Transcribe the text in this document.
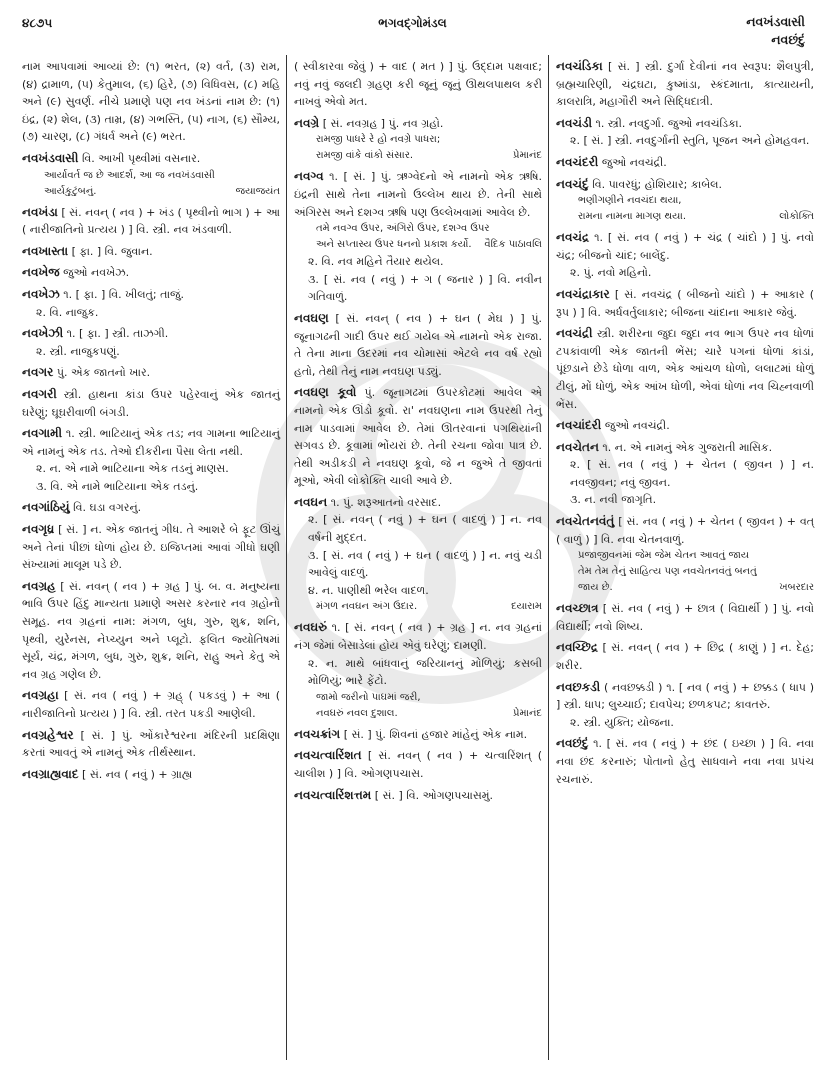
૪૮૭૫	ભગવદ્ગોમંડલ	નવખંડવાસી
નવછંદું
નામ આપવામાં આવ્યાં છે: (૧) ભરત, (૨) વર્ત, (૩) રામ, (૪) દ્રામાળ, (૫) કેતુમાલ, (૬) હિરે, (૭) વિધિવસ, (૮) મહિ અને (૯) સુવર્ણ. નીચે પ્રમાણે પણ નવ ખંડનાં નામ છે: (૧) ઇંદ્ર, (૨) શેલ, (૩) તામ્ર, (૪) ગભસ્તિ, (૫) નાગ, (૬) સૌમ્ય, (૭) ચારણ, (૮) ગંધર્વ અને (૯) ભરત.
નવખંડવાસી વિ. આખી પૃથ્વીમાં વસનાર.
આર્યાવર્ત જ છે આદર્શ, આ જ નવખંડવાસી
આર્યકુટુંબનું.	જયાજયંત
નવખંડા [ સં. નવન્ ( નવ ) + ખંડ ( પૃથ્વીનો ભાગ ) + આ ( નારીજાતિનો પ્રત્યય ) ] વિ. સ્ત્રી. નવ ખંડવાળી.
નવખાસ્તા [ ફા. ] વિ. જુવાન.
નવખેજ જુઓ નવખેઝ.
નવખેઝ ૧. [ ફા. ] વિ. ખીલતું; તાજું.
૨. વિ. નાજુક.
નવખેઝી ૧. [ ફા. ] સ્ત્રી. તાઝગી.
૨. સ્ત્રી. નાજુકપણું.
નવગર પું. એક જાતનો ખાર.
નવગરી સ્ત્રી. હાથના કાંડા ઉપર પહેરવાનું એક જાતનું ઘરેણું; ઘૂઘરીવાળી બંગડી.
નવગામી ૧. સ્ત્રી. ભાટિયાનું એક તડ; નવ ગામના ભાટિયાનું એ નામનું એક તડ. તેઓ દીકરીના પૈસા લેતા નથી.
૨. ન. એ નામે ભાટિયાના એક તડનું માણસ.
૩. વિ. એ નામે ભાટિયાના એક તડનું.
નવગાંઠિયું વિ. ઘડા વગરનું.
નવગૃધ્ર [ સં. ] ન. એક જાતનું ગીધ. તે આશરે બે ફૂટ ઊંચું અને તેનાં પીછાં ધોળાં હોય છે. ઇજિપ્તમાં આવાં ગીધો ઘણી સંખ્યામાં માલૂમ પડે છે.
નવગ્રહ [ સં. નવન્ ( નવ ) + ગ્રહ ] પું. બ. વ. મનુષ્યના ભાવિ ઉપર હિંદુ માન્યતા પ્રમાણે અસર કરનાર નવ ગ્રહોનો સમૂહ. નવ ગ્રહનાં નામ: મંગળ, બુધ, ગુરુ, શુક્ર, શનિ, પૃથ્વી, યુરેનસ, નેપ્ચ્યુન અને પ્લૂટો. ફલિત જ્યોતિષમાં સૂર્ય, ચંદ્ર, મંગળ, બુધ, ગુરુ, શુક્ર, શનિ, રાહુ અને કેતુ એ નવ ગ્રહ ગણેલ છે.
નવગ્રહા [ સં. નવ ( નવું ) + ગ્રહ્ ( પકડવું ) + આ ( નારીજાતિનો પ્રત્યય ) ] વિ. સ્ત્રી. તરત પકડી આણેલી.
નવગ્રહેશ્વર [ સં. ] પું. ઓંકારેશ્વરના મંદિરની પ્રદક્ષિણા કરતાં આવતું એ નામનું એક તીર્થસ્થાન.
નવગ્રાહ્યવાદ [ સં. નવ ( નવું ) + ગ્રાહ્ય
( સ્વીકારવા જેવું ) + વાદ ( મત ) ] પું. ઉદ્દામ પક્ષવાદ; નવું નવું જલદી ગ્રહણ કરી જૂનું જૂનું ઊથલપાથલ કરી નાખવું એવો મત.
નવગ્રે [ સં. નવગ્રહ ] પું. નવ ગ્રહો.
રામજી પાધરે રે હો નવગ્રે પાધરા;
રામજી વાંકે વાંકો સંસાર.	પ્રેમાનંદ
નવગ્વ ૧. [ સં. ] પું. ઋગ્વેદનો એ નામનો એક ઋષિ. ઇંદ્રની સાથે તેના નામનો ઉલ્લેખ થાય છે. તેની સાથે અંગિરસ અને દશગ્વ ઋષિ પણ ઉલ્લેખવામાં આવેલ છે.
તમે નવગ્વ ઉપર, અંગિરો ઉપર, દશગ્વ ઉપર
અને સપ્તાસ્ય ઉપર ધનનો પ્રકાશ કર્યો. વૈદિક પાઠાવલિ
૨. વિ. નવ મહિને તૈયાર થયેલ.
૩. [ સં. નવ ( નવું ) + ગ ( જનાર ) ] વિ. નવીન ગતિવાળું.
નવઘણ [ સં. નવન્ ( નવ ) + ઘન ( મેઘ ) ] પું. જૂનાગઢની ગાદી ઉપર થઈ ગયેલ એ નામનો એક રાજા. તે તેના માના ઉદરમાં નવ ચોમાસાં એટલે નવ વર્ષ રહ્યો હતો, તેથી તેનું નામ નવઘણ પડ્યું.
નવઘણ કૂવો પું. જૂનાગઢમાં ઉપરકોટમાં આવેલ એ નામનો એક ઊંડો કૂવો. રા' નવઘણના નામ ઉપરથી તેનું નામ પાડવામાં આવેલ છે. તેમાં ઊતરવાનાં પગથિયાંની સગવડ છે. કૂવામાં ભોંયરાં છે. તેની રચના જોવા પાત્ર છે. તેથી અડીકડી ને નવઘણ કૂવો, જે ન જુએ તે જીવતાં મૂઓ, એવી લોકોક્તિ ચાલી આવે છે.
નવઘન ૧. પું. શરૂઆતનો વરસાદ.
૨. [ સં. નવન્ ( નવું ) + ઘન ( વાદળું ) ] ન. નવ વર્ષની મુદ્દત.
૩. [ સં. નવ ( નવું ) + ઘન ( વાદળું ) ] ન. નવું ચડી આવેલું વાદળું.
૪. ન. પાણીથી ભરેલ વાદળ.
મંગળ નવઘન અંગ ઉદાર.	દયારામ
નવઘરું ૧. [ સં. નવન્ ( નવ ) + ગ્રહ ] ન. નવ ગ્રહનાં નંગ જેમાં બેસાડેલાં હોય એવું ઘરેણું; દામણી.
૨. ન. માથે બાંધવાનું જરિયાનનું મોળિયું; કસબી મોળિયું; ભારે ફેંટો.
જામો જરીનો પાઘમાં જરી,
નવઘરું નવલ દુશાલ.	પ્રેમાનંદ
નવચક્રાંગ [ સં. ] પું. શિવનાં હજાર માંહેનું એક નામ.
નવચત્વારિંશત [ સં. નવન્ ( નવ ) + ચત્વારિંશત્ ( ચાલીશ ) ] વિ. ઓગણપચાસ.
નવચત્વારિંશત્તમ [ સં. ] વિ. ઓગણપચાસમું.
નવચંડિકા [ સં. ] સ્ત્રી. દુર્ગા દેવીનાં નવ સ્વરૂપ: શૈલપુત્રી, બ્રહ્મચારિણી, ચંદ્રઘટા, કુષ્માંડા, સ્કંદમાતા, કાત્યાયની, કાલરાત્રિ, મહાગૌરી અને સિદ્ધિદાત્રી.
નવચંડી ૧. સ્ત્રી. નવદુર્ગા. જુઓ નવચંડિકા.
૨. [ સં. ] સ્ત્રી. નવદુર્ગાની સ્તુતિ, પૂજન અને હોમહવન.
નવચંદરી જુઓ નવચંદ્રી.
નવચંદું વિ. પાવરધું; હોશિયાર; કાબેલ.
ભણીગણીને નવચંદા થયા,
રામના નામના માગણ થયા.	લોકોક્તિ
નવચંદ્ર ૧. [ સં. નવ ( નવું ) + ચંદ્ર ( ચાંદો ) ] પું. નવો ચંદ્ર; બીજનો ચાંદ; બાલેંદુ.
૨. પું. નવો મહિનો.
નવચંદ્રાકાર [ સં. નવચંદ્ર ( બીજનો ચાંદો ) + આકાર ( રૂપ ) ] વિ. અર્ધવર્તુલાકાર; બીજના ચાંદાના આકાર જેવું.
નવચંદ્રી સ્ત્રી. શરીરના જુદા જુદા નવ ભાગ ઉપર નવ ધોળાં ટપકાંવાળી એક જાતની ભેંસ; ચારે પગનાં ધોળાં કાંડાં, પૂંછડાને છેડે ધોળા વાળ, એક આંચળ ધોળો, લલાટમાં ધોળું ટીલું, મોં ધોળું, એક આંખ ધોળી, એવાં ધોળાં નવ ચિહ્નવાળી ભેંસ.
નવચાંદરી જુઓ નવચંદ્રી.
નવચેતન ૧. ન. એ નામનું એક ગુજરાતી માસિક.
૨. [ સં. નવ ( નવું ) + ચેતન ( જીવન ) ] ન. નવજીવન; નવું જીવન.
૩. ન. નવી જાગૃતિ.
નવચેતનવંતું [ સં. નવ ( નવું ) + ચેતન ( જીવન ) + વત્ ( વાળું ) ] વિ. નવા ચેતનવાળું.
પ્રજાજીવનમાં જેમ જેમ ચેતન આવતું જાય
તેમ તેમ તેનું સાહિત્ય પણ નવચેતનવંતું બનતું
જાય છે.	ખબરદાર
નવચ્છાત્ર [ સં. નવ ( નવું ) + છાત્ર ( વિદ્યાર્થી ) ] પું. નવો વિદ્યાર્થી; નવો શિષ્ય.
નવચ્છિદ્ર [ સં. નવન્ ( નવ ) + છિદ્ર ( કાણું ) ] ન. દેહ; શરીર.
નવછકડી ( નવછક્કડી ) ૧. [ નવ ( નવું ) + છક્કડ ( ધાપ ) ] સ્ત્રી. ધાપ; લુચ્ચાઈ; દાવપેચ; છળકપટ; કાવતરું.
૨. સ્ત્રી. યુક્તિ; યોજના.
નવછંદું ૧. [ સં. નવ ( નવું ) + છંદ ( ઇચ્છા ) ] વિ. નવા નવા છંદ કરનારું; પોતાનો હેતુ સાધવાને નવા નવા પ્રપંચ રચનારું.
